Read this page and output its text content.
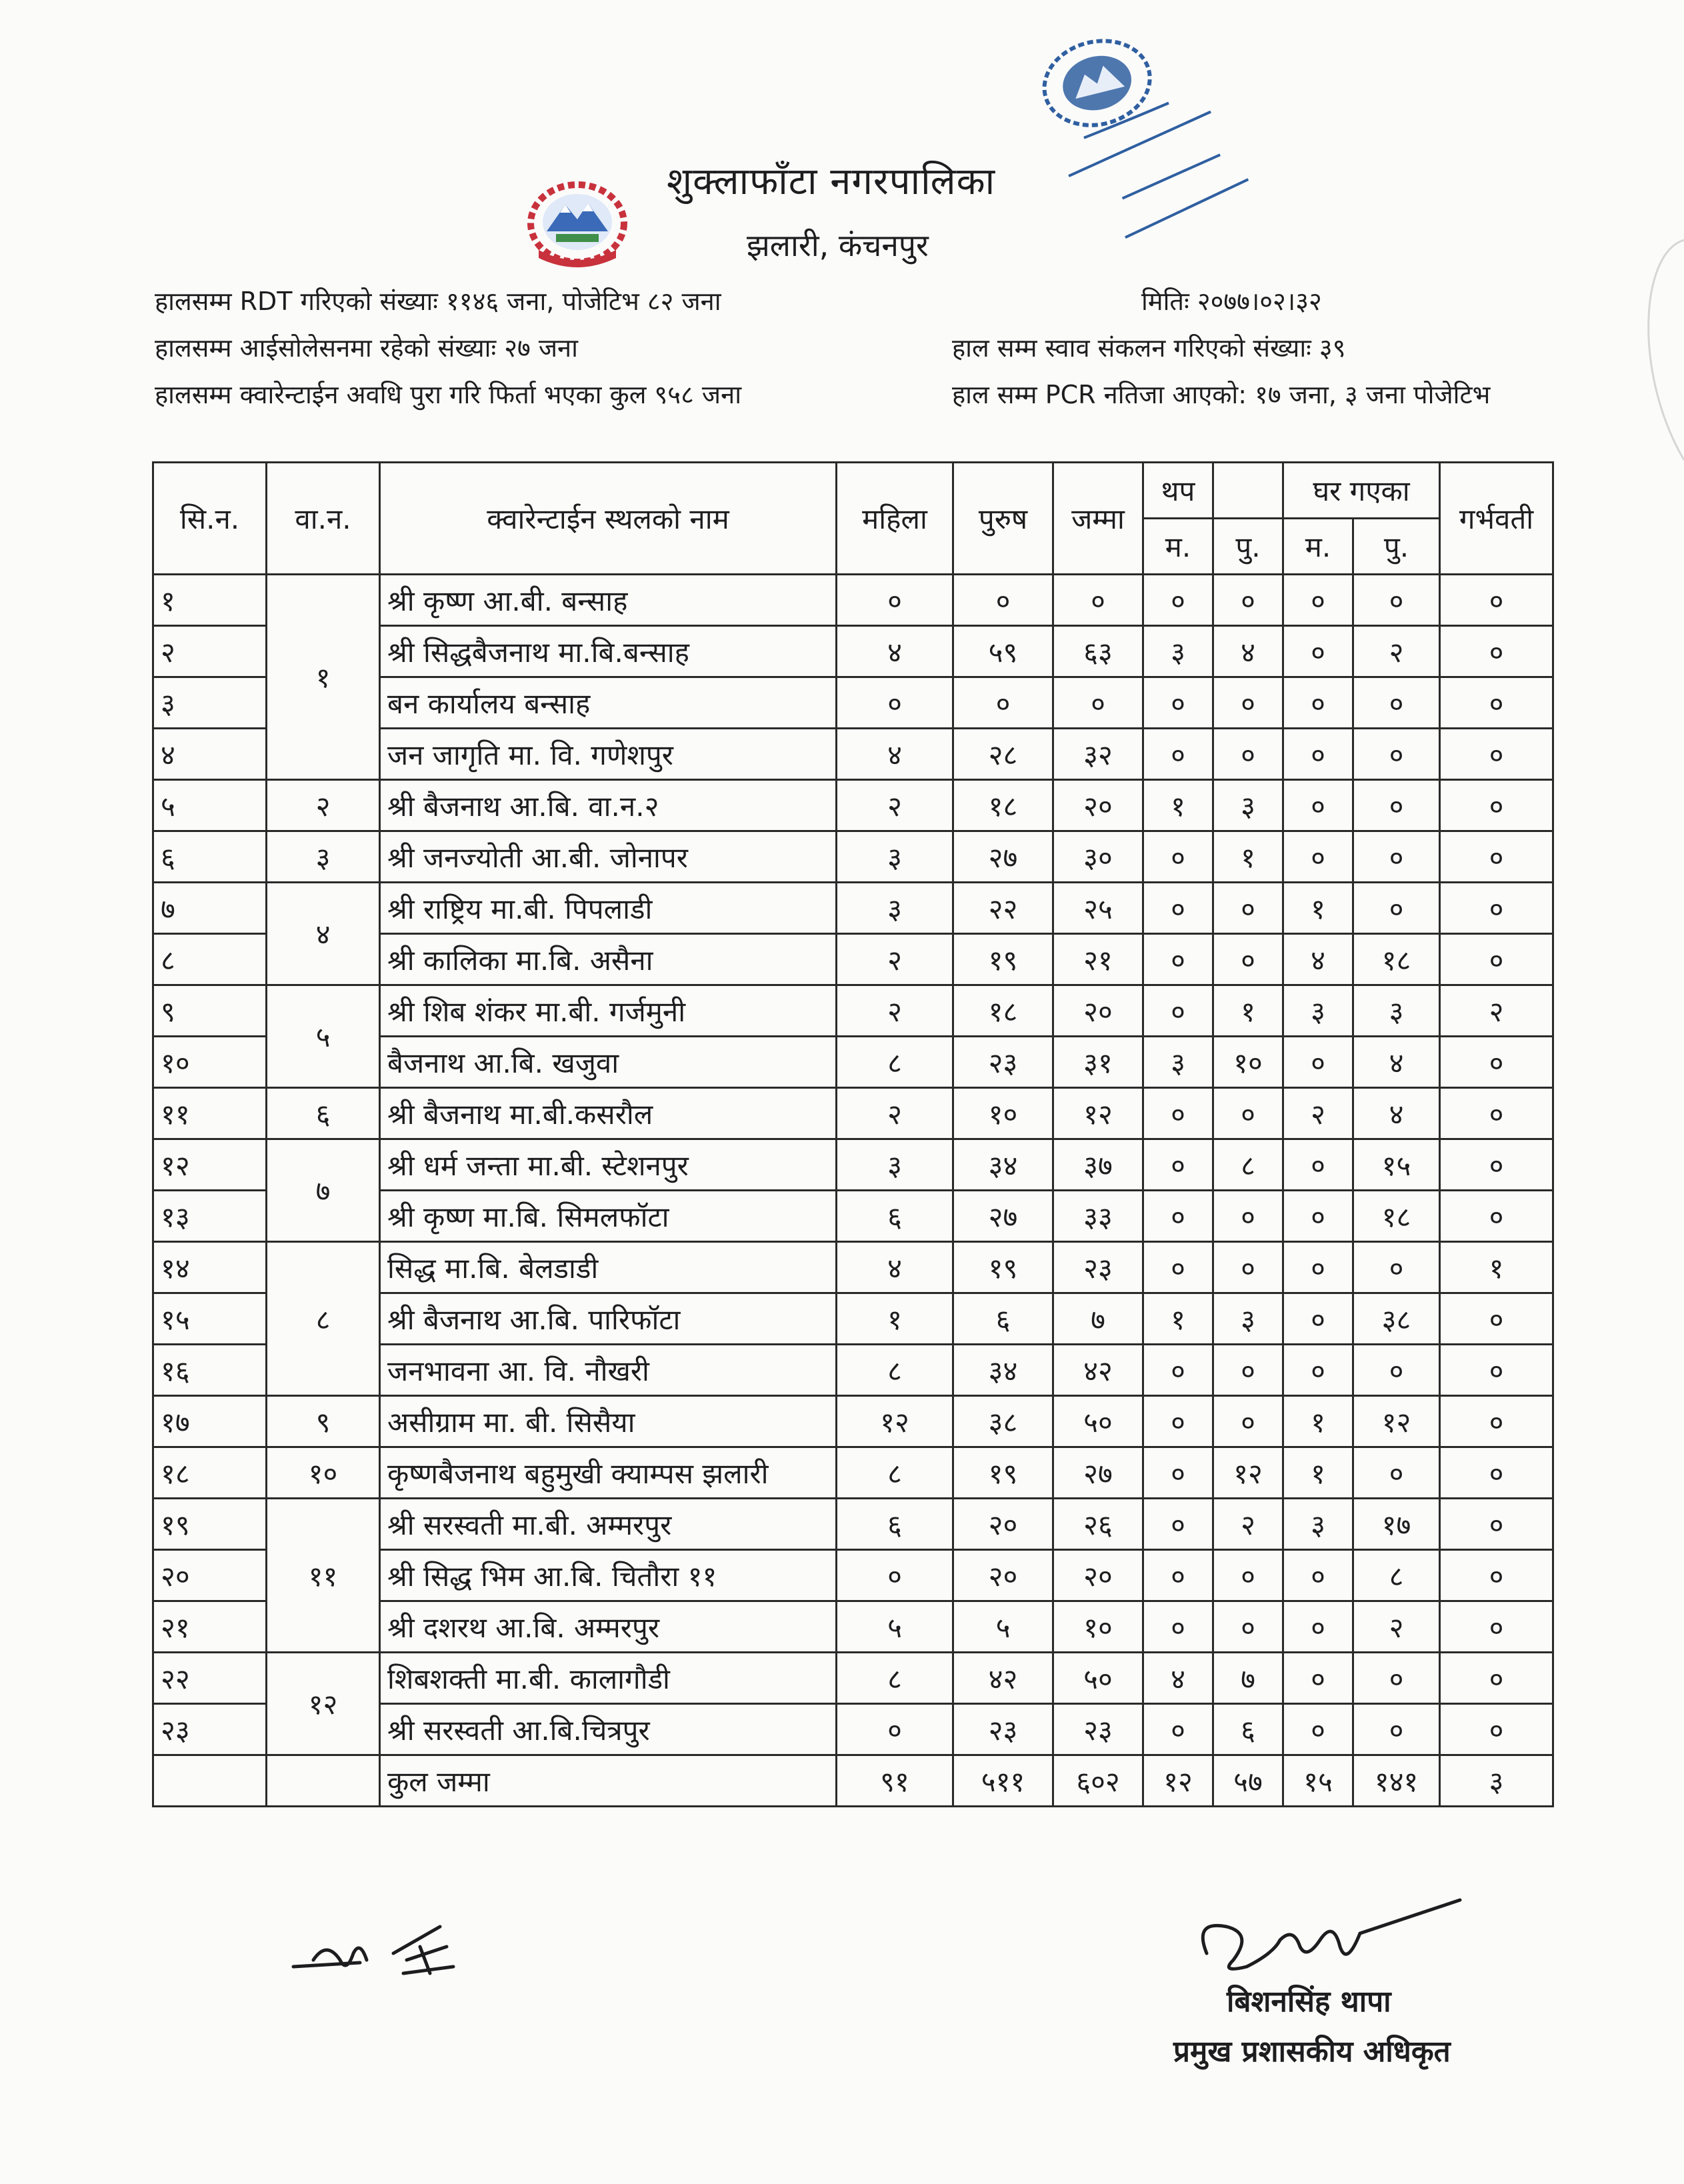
शुक्लाफाँटा नगरपालिका
झलारी, कंचनपुर
हालसम्म RDT गरिएको संख्याः ११४६ जना, पोजेटिभ ८२ जना	मितिः २०७७।०२।३२
हालसम्म आईसोलेसनमा रहेको संख्याः २७ जना	हाल सम्म स्वाव संकलन गरिएको संख्याः ३९
हालसम्म क्वारेन्टाईन अवधि पुरा गरि फिर्ता भएका कुल ९५८ जना	हाल सम्म PCR नतिजा आएको: १७ जना, ३ जना पोजेटिभ
सि.न.	वा.न.	क्वारेन्टाईन स्थलको नाम	महिला	पुरुष	जम्मा	थप		घर गएका		गर्भवती
						म.	पु.	म.	पु.	
१	१	श्री कृष्ण आ.बी. बन्साह	०	०	०	०	०	०	०	०
२		श्री सिद्धबैजनाथ मा.बि.बन्साह	४	५९	६३	३	४	०	२	०
३		बन कार्यालय बन्साह	०	०	०	०	०	०	०	०
४		जन जागृति मा. वि. गणेशपुर	४	२८	३२	०	०	०	०	०
५	२	श्री बैजनाथ आ.बि. वा.न.२	२	१८	२०	१	३	०	०	०
६	३	श्री जनज्योती आ.बी. जोनापर	३	२७	३०	०	१	०	०	०
७	४	श्री राष्ट्रिय मा.बी. पिपलाडी	३	२२	२५	०	०	१	०	०
८		श्री कालिका मा.बि. असैना	२	१९	२१	०	०	४	१८	०
९	५	श्री शिब शंकर मा.बी. गर्जमुनी	२	१८	२०	०	१	३	३	२
१०		बैजनाथ आ.बि. खजुवा	८	२३	३१	३	१०	०	४	०
११	६	श्री बैजनाथ मा.बी.कसरौल	२	१०	१२	०	०	२	४	०
१२	७	श्री धर्म जन्ता मा.बी. स्टेशनपुर	३	३४	३७	०	८	०	१५	०
१३		श्री कृष्ण मा.बि. सिमलफॉटा	६	२७	३३	०	०	०	१८	०
१४	८	सिद्ध मा.बि. बेलडाडी	४	१९	२३	०	०	०	०	१
१५		श्री बैजनाथ आ.बि. पारिफॉटा	१	६	७	१	३	०	३८	०
१६		जनभावना आ. वि. नौखरी	८	३४	४२	०	०	०	०	०
१७	९	असीग्राम मा. बी. सिसैया	१२	३८	५०	०	०	१	१२	०
१८	१०	कृष्णबैजनाथ बहुमुखी क्याम्पस झलारी	८	१९	२७	०	१२	१	०	०
१९	११	श्री सरस्वती मा.बी. अम्मरपुर	६	२०	२६	०	२	३	१७	०
२०		श्री सिद्ध भिम आ.बि. चितौरा ११	०	२०	२०	०	०	०	८	०
२१		श्री दशरथ आ.बि. अम्मरपुर	५	५	१०	०	०	०	२	०
२२	१२	शिबशक्ती मा.बी. कालागौडी	८	४२	५०	४	७	०	०	०
२३		श्री सरस्वती आ.बि.चित्रपुर	०	२३	२३	०	६	०	०	०
		कुल जम्मा	९१	५११	६०२	१२	५७	१५	१४१	३
बिशनसिंह थापा
प्रमुख प्रशासकीय अधिकृत
